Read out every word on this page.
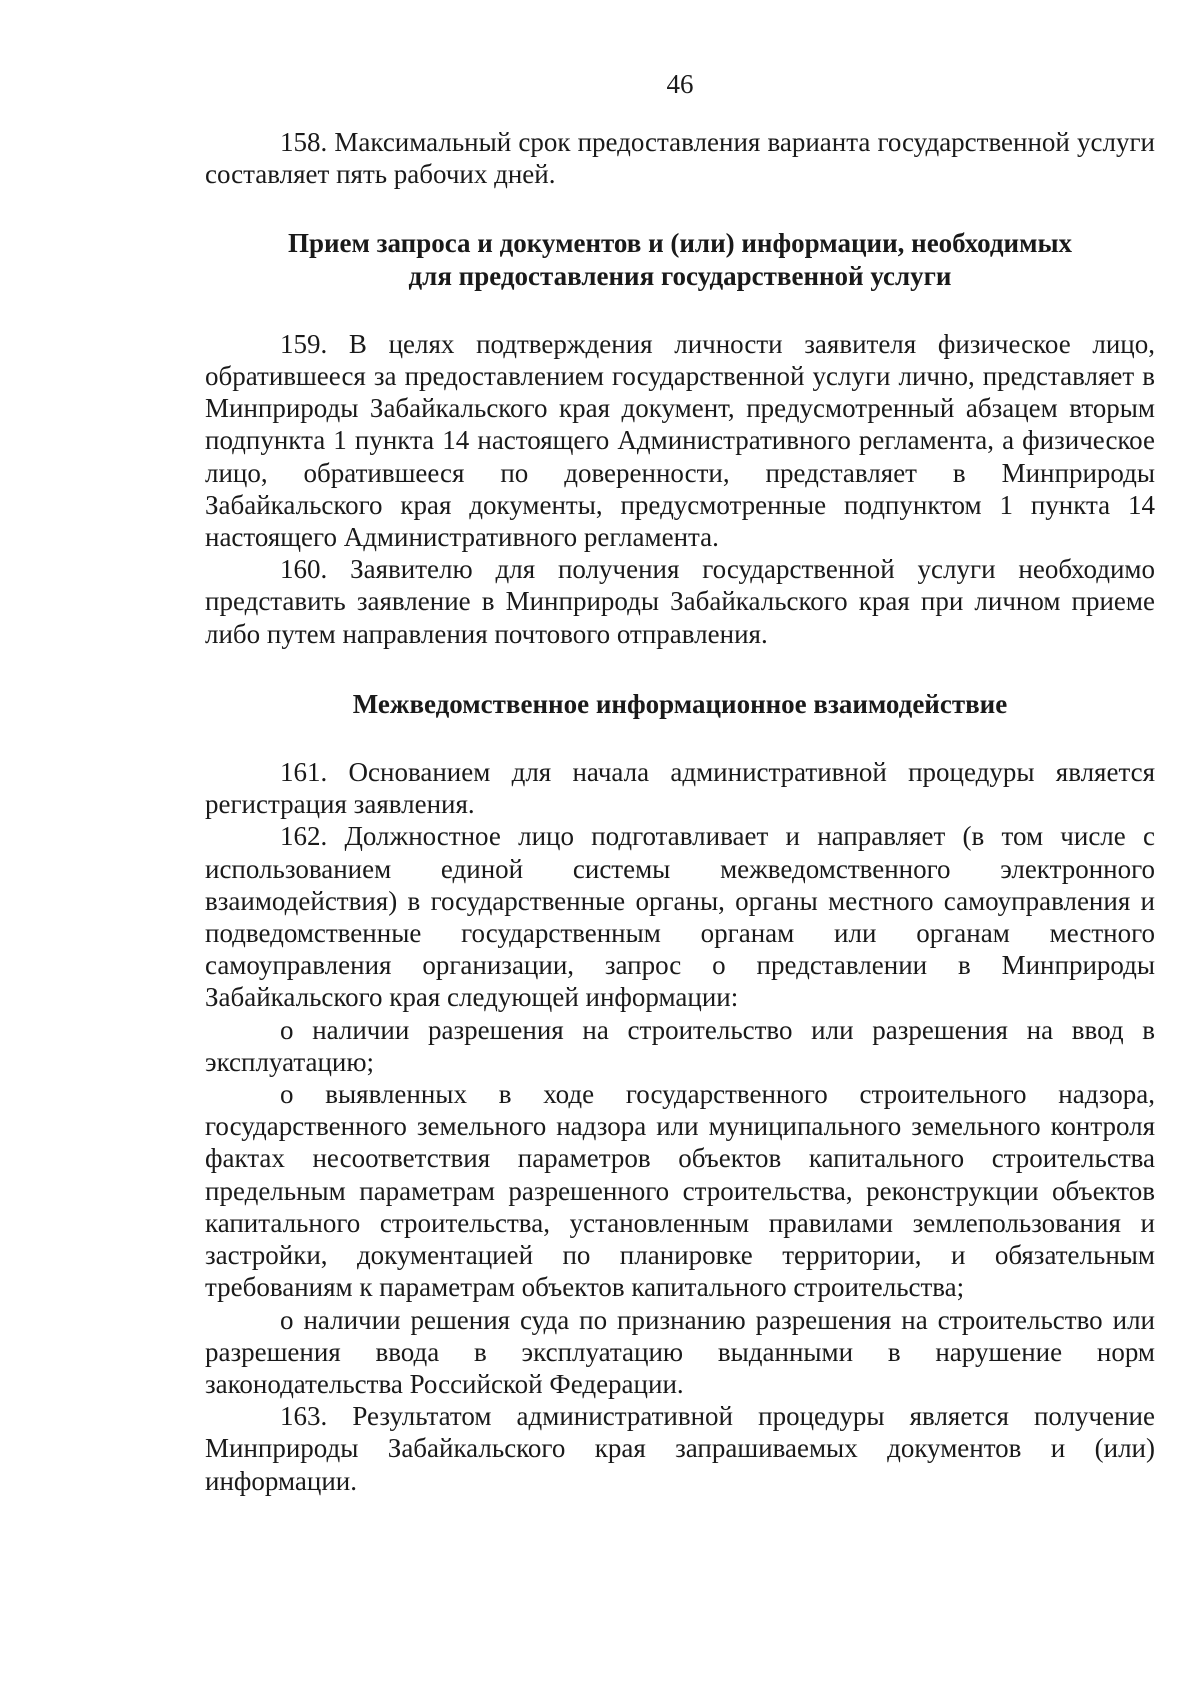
46

158. Максимальный срок предоставления варианта государственной услуги составляет пять рабочих дней.

Прием запроса и документов и (или) информации, необходимых
для предоставления государственной услуги

159. В целях подтверждения личности заявителя физическое лицо, обратившееся за предоставлением государственной услуги лично, представляет в Минприроды Забайкальского края документ, предусмотренный абзацем вторым подпункта 1 пункта 14 настоящего Административного регламента, а физическое лицо, обратившееся по доверенности, представляет в Минприроды Забайкальского края документы, предусмотренные подпунктом 1 пункта 14 настоящего Административного регламента.

160. Заявителю для получения государственной услуги необходимо представить заявление в Минприроды Забайкальского края при личном приеме либо путем направления почтового отправления.

Межведомственное информационное взаимодействие

161. Основанием для начала административной процедуры является регистрация заявления.

162. Должностное лицо подготавливает и направляет (в том числе с использованием единой системы межведомственного электронного взаимодействия) в государственные органы, органы местного самоуправления и подведомственные государственным органам или органам местного самоуправления организации, запрос о представлении в Минприроды Забайкальского края следующей информации:

о наличии разрешения на строительство или разрешения на ввод в эксплуатацию;

о выявленных в ходе государственного строительного надзора, государственного земельного надзора или муниципального земельного контроля фактах несоответствия параметров объектов капитального строительства предельным параметрам разрешенного строительства, реконструкции объектов капитального строительства, установленным правилами землепользования и застройки, документацией по планировке территории, и обязательным требованиям к параметрам объектов капитального строительства;

о наличии решения суда по признанию разрешения на строительство или разрешения ввода в эксплуатацию выданными в нарушение норм законодательства Российской Федерации.

163. Результатом административной процедуры является получение Минприроды Забайкальского края запрашиваемых документов и (или) информации.
